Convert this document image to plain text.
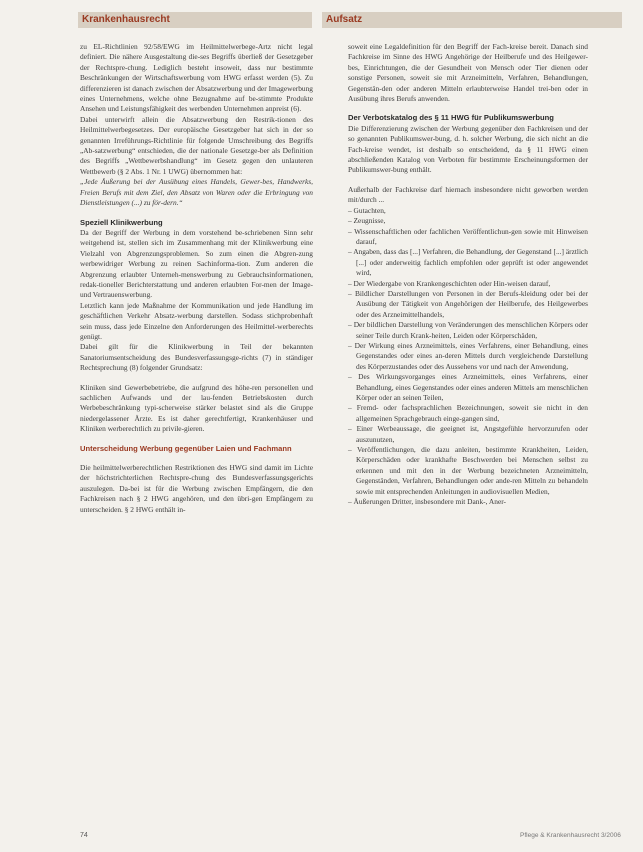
Krankenhausrecht	Aufsatz

zu EL-Richtlinien 92/58/EWG im Heilmittelwerbege-Artz nicht legal definiert. Die nähere Ausgestaltung die-ses Begriffs überließ der Gesetzgeber der Rechtspre-chung. Lediglich besteht insoweit, dass nur bestimmte Beschränkungen der Wirtschaftswerbung vom HWG erfasst werden (5). Zu differenzieren ist danach zwischen der Absatzwerbung und der Imagewerbung eines Unternehmens, welche ohne Bezugnahme auf be-stimmte Produkte Ansehen und Leistungsfähigkeit des werbenden Unternehmen anpreist (6).

Dabei unterwirft allein die Absatzwerbung den Restrik-tionen des Heilmittelwerbegesetzes. Der europäische Gesetzgeber hat sich in der so genannten Irreführungs-Richtlinie für folgende Umschreibung des Begriffs „Ab-satzwerbung“ entschieden, die der nationale Gesetzge-ber als Definition des Begriffs „Wettbewerbshandlung“ im Gesetz gegen den unlauteren Wettbewerb (§ 2 Abs. 1 Nr. 1 UWG) übernommen hat:

„Jede Äußerung bei der Ausübung eines Handels, Gewer-bes, Handwerks, Freien Berufs mit dem Ziel, den Absatz von Waren oder die Erbringung von Dienstleistungen (...) zu för-dern.“

Speziell Klinikwerbung

Da der Begriff der Werbung in dem vorstehend be-schriebenen Sinn sehr weitgehend ist, stellen sich im Zusammenhang mit der Klinikwerbung eine Vielzahl von Abgrenzungsproblemen. So zum einen die Abgren-zung werbewidriger Werbung zu reinen Sachinforma-tion. Zum anderen die Abgrenzung erlaubter Unterneh-menswerbung zu Gebrauchsinformationen, redak-tioneller Berichterstattung und anderen erlaubten For-men der Image- und Vertrauenswerbung.

Letztlich kann jede Maßnahme der Kommunikation und jede Handlung im geschäftlichen Verkehr Absatz-werbung darstellen. Sodass stichprobenhaft sein muss, dass jede Einzelne den Anforderungen des Heilmittel-werberechts genügt.

Dabei gilt für die Klinikwerbung in Teil der bekannten Sanatoriumsentscheidung des Bundesverfassungsge-richts (7) in ständiger Rechtsprechung (8) folgender Grundsatz:

Kliniken sind Gewerbebetriebe, die aufgrund des höhe-ren personellen und sachlichen Aufwands und der lau-fenden Betriebskosten durch Werbebeschränkung typi-scherweise stärker belastet sind als die Gruppe niedergelassener Ärzte. Es ist daher gerechtfertigt, Krankenhäuser und Kliniken werberechtlich zu privile-gieren.

Unterscheidung Werbung gegenüber Laien und Fachmann

Die heilmittelwerberechtlichen Restriktionen des HWG sind damit im Lichte der höchstrichterlichen Rechtspre-chung des Bundesverfassungsgerichts auszulegen. Da-bei ist für die Werbung zwischen Empfängern, die den Fachkreisen nach § 2 HWG angehören, und den übri-gen Empfängern zu unterscheiden. § 2 HWG enthält in-

soweit eine Legaldefinition für den Begriff der Fach-kreise bereit. Danach sind Fachkreise im Sinne des HWG Angehörige der Heilberufe und des Heilgewer-bes, Einrichtungen, die der Gesundheit von Mensch oder Tier dienen oder sonstige Personen, soweit sie mit Arzneimitteln, Verfahren, Behandlungen, Gegenstän-den oder anderen Mitteln erlaubterweise Handel trei-ben oder in Ausübung ihres Berufs anwenden.

Der Verbotskatalog des § 11 HWG für Publikumswerbung

Die Differenzierung zwischen der Werbung gegenüber den Fachkreisen und der so genannten Publikumswer-bung, d. h. solcher Werbung, die sich nicht an die Fach-kreise wendet, ist deshalb so entscheidend, da § 11 HWG einen abschließenden Katalog von Verboten für bestimmte Erscheinungsformen der Publikumswer-bung enthält.

Außerhalb der Fachkreise darf hiernach insbesondere nicht geworben werden mit/durch ...

– Gutachten,
– Zeugnisse,
– Wissenschaftlichen oder fachlichen Veröffentlichun-gen sowie mit Hinweisen darauf,
– Angaben, dass das [...] Verfahren, die Behandlung, der Gegenstand [...] ärztlich [...] oder anderweitig fachlich empfohlen oder geprüft ist oder angewendet wird,
– Der Wiedergabe von Krankengeschichten oder Hin-weisen darauf,
– Bildlicher Darstellungen von Personen in der Berufs-kleidung oder bei der Ausübung der Tätigkeit von Angehörigen der Heilberufe, des Heilgewerbes oder des Arzneimittelhandels,
– Der bildlichen Darstellung von Veränderungen des menschlichen Körpers oder seiner Teile durch Krank-heiten, Leiden oder Körperschäden,
– Der Wirkung eines Arzneimittels, eines Verfahrens, einer Behandlung, eines Gegenstandes oder eines an-deren Mittels durch vergleichende Darstellung des Körperzustandes oder des Aussehens vor und nach der Anwendung,
– Des Wirkungsvorganges eines Arzneimittels, eines Verfahrens, einer Behandlung, eines Gegenstandes oder eines anderen Mittels am menschlichen Körper oder an seinen Teilen,
– Fremd- oder fachsprachlichen Bezeichnungen, soweit sie nicht in den allgemeinen Sprachgebrauch einge-gangen sind,
– Einer Werbeaussage, die geeignet ist, Angstgefühle hervorzurufen oder auszunutzen,
– Veröffentlichungen, die dazu anleiten, bestimmte Krankheiten, Leiden, Körperschäden oder krankhafte Beschwerden bei Menschen selbst zu erkennen und mit den in der Werbung bezeichneten Arzneimitteln, Gegenständen, Verfahren, Behandlungen oder ande-ren Mitteln zu behandeln sowie mit entsprechenden Anleitungen in audiovisuellen Medien,
– Äußerungen Dritter, insbesondere mit Dank-, Aner-
74	Pflege & Krankenhausrecht 3/2006
